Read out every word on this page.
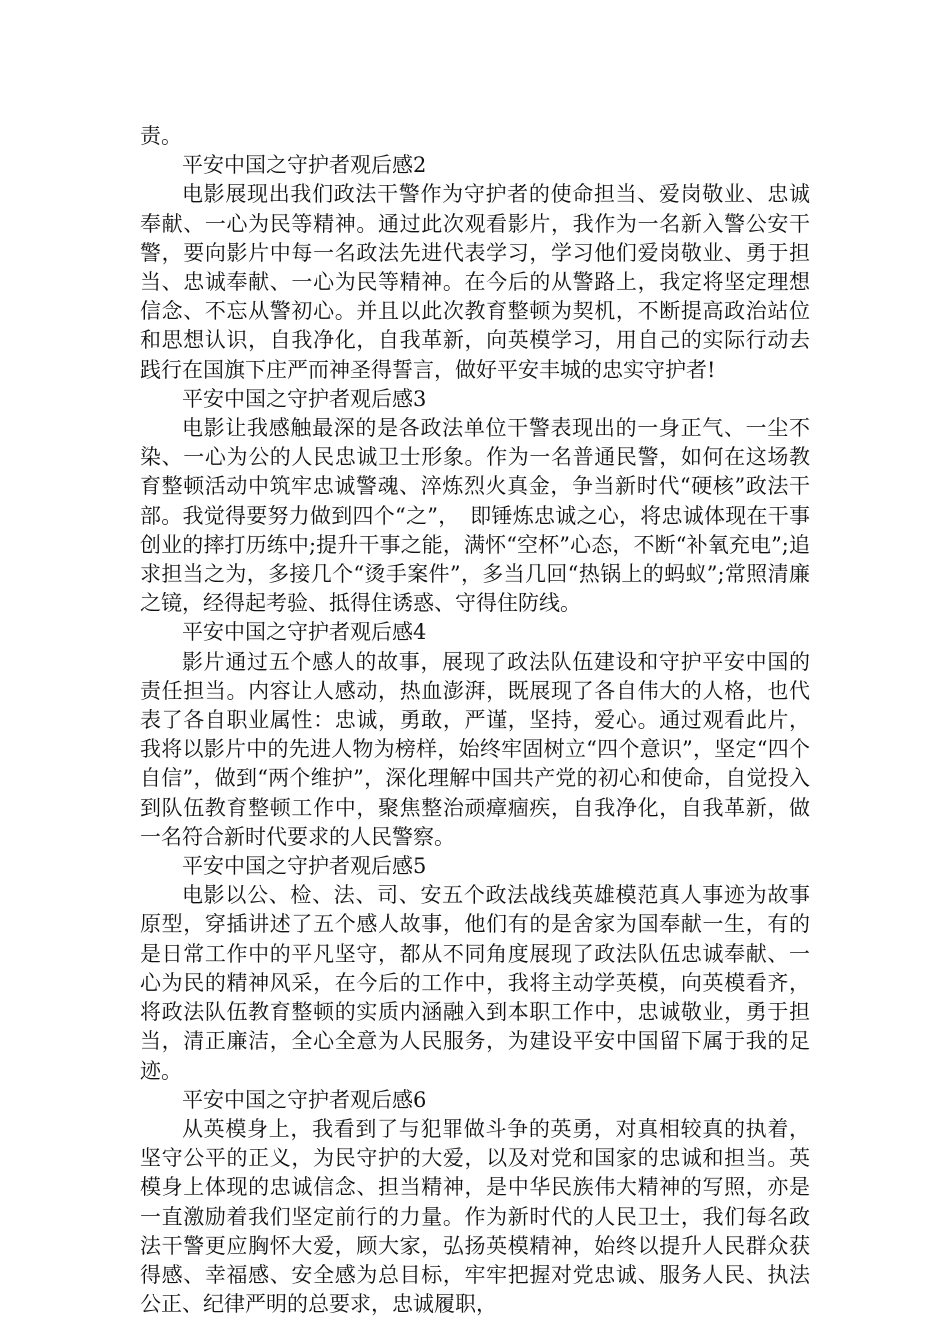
责。

平安中国之守护者观后感2

电影展现出我们政法干警作为守护者的使命担当、爱岗敬业、忠诚奉献、一心为民等精神。通过此次观看影片，我作为一名新入警公安干警，要向影片中每一名政法先进代表学习，学习他们爱岗敬业、勇于担当、忠诚奉献、一心为民等精神。在今后的从警路上，我定将坚定理想信念、不忘从警初心。并且以此次教育整顿为契机，不断提高政治站位和思想认识，自我净化，自我革新，向英模学习，用自己的实际行动去践行在国旗下庄严而神圣得誓言，做好平安丰城的忠实守护者!

平安中国之守护者观后感3

电影让我感触最深的是各政法单位干警表现出的一身正气、一尘不染、一心为公的人民忠诚卫士形象。作为一名普通民警，如何在这场教育整顿活动中筑牢忠诚警魂、淬炼烈火真金，争当新时代“硬核”政法干部。我觉得要努力做到四个“之”，　即锤炼忠诚之心，将忠诚体现在干事创业的摔打历练中;提升干事之能，满怀“空杯”心态，不断“补氧充电”;追求担当之为，多接几个“烫手案件”，多当几回“热锅上的蚂蚁”;常照清廉之镜，经得起考验、抵得住诱惑、守得住防线。

平安中国之守护者观后感4

影片通过五个感人的故事，展现了政法队伍建设和守护平安中国的责任担当。内容让人感动，热血澎湃，既展现了各自伟大的人格，也代表了各自职业属性：忠诚，勇敢，严谨，坚持，爱心。通过观看此片，我将以影片中的先进人物为榜样，始终牢固树立“四个意识”，坚定“四个自信”，做到“两个维护”，深化理解中国共产党的初心和使命，自觉投入到队伍教育整顿工作中，聚焦整治顽瘴痼疾，自我净化，自我革新，做一名符合新时代要求的人民警察。

平安中国之守护者观后感5

电影以公、检、法、司、安五个政法战线英雄模范真人事迹为故事原型，穿插讲述了五个感人故事，他们有的是舍家为国奉献一生，有的是日常工作中的平凡坚守，都从不同角度展现了政法队伍忠诚奉献、一心为民的精神风采，在今后的工作中，我将主动学英模，向英模看齐，将政法队伍教育整顿的实质内涵融入到本职工作中，忠诚敬业，勇于担当，清正廉洁，全心全意为人民服务，为建设平安中国留下属于我的足迹。

平安中国之守护者观后感6

从英模身上，我看到了与犯罪做斗争的英勇，对真相较真的执着，坚守公平的正义，为民守护的大爱，以及对党和国家的忠诚和担当。英模身上体现的忠诚信念、担当精神，是中华民族伟大精神的写照，亦是一直激励着我们坚定前行的力量。作为新时代的人民卫士，我们每名政法干警更应胸怀大爱，顾大家，弘扬英模精神，始终以提升人民群众获得感、幸福感、安全感为总目标，牢牢把握对党忠诚、服务人民、执法公正、纪律严明的总要求，忠诚履职，
